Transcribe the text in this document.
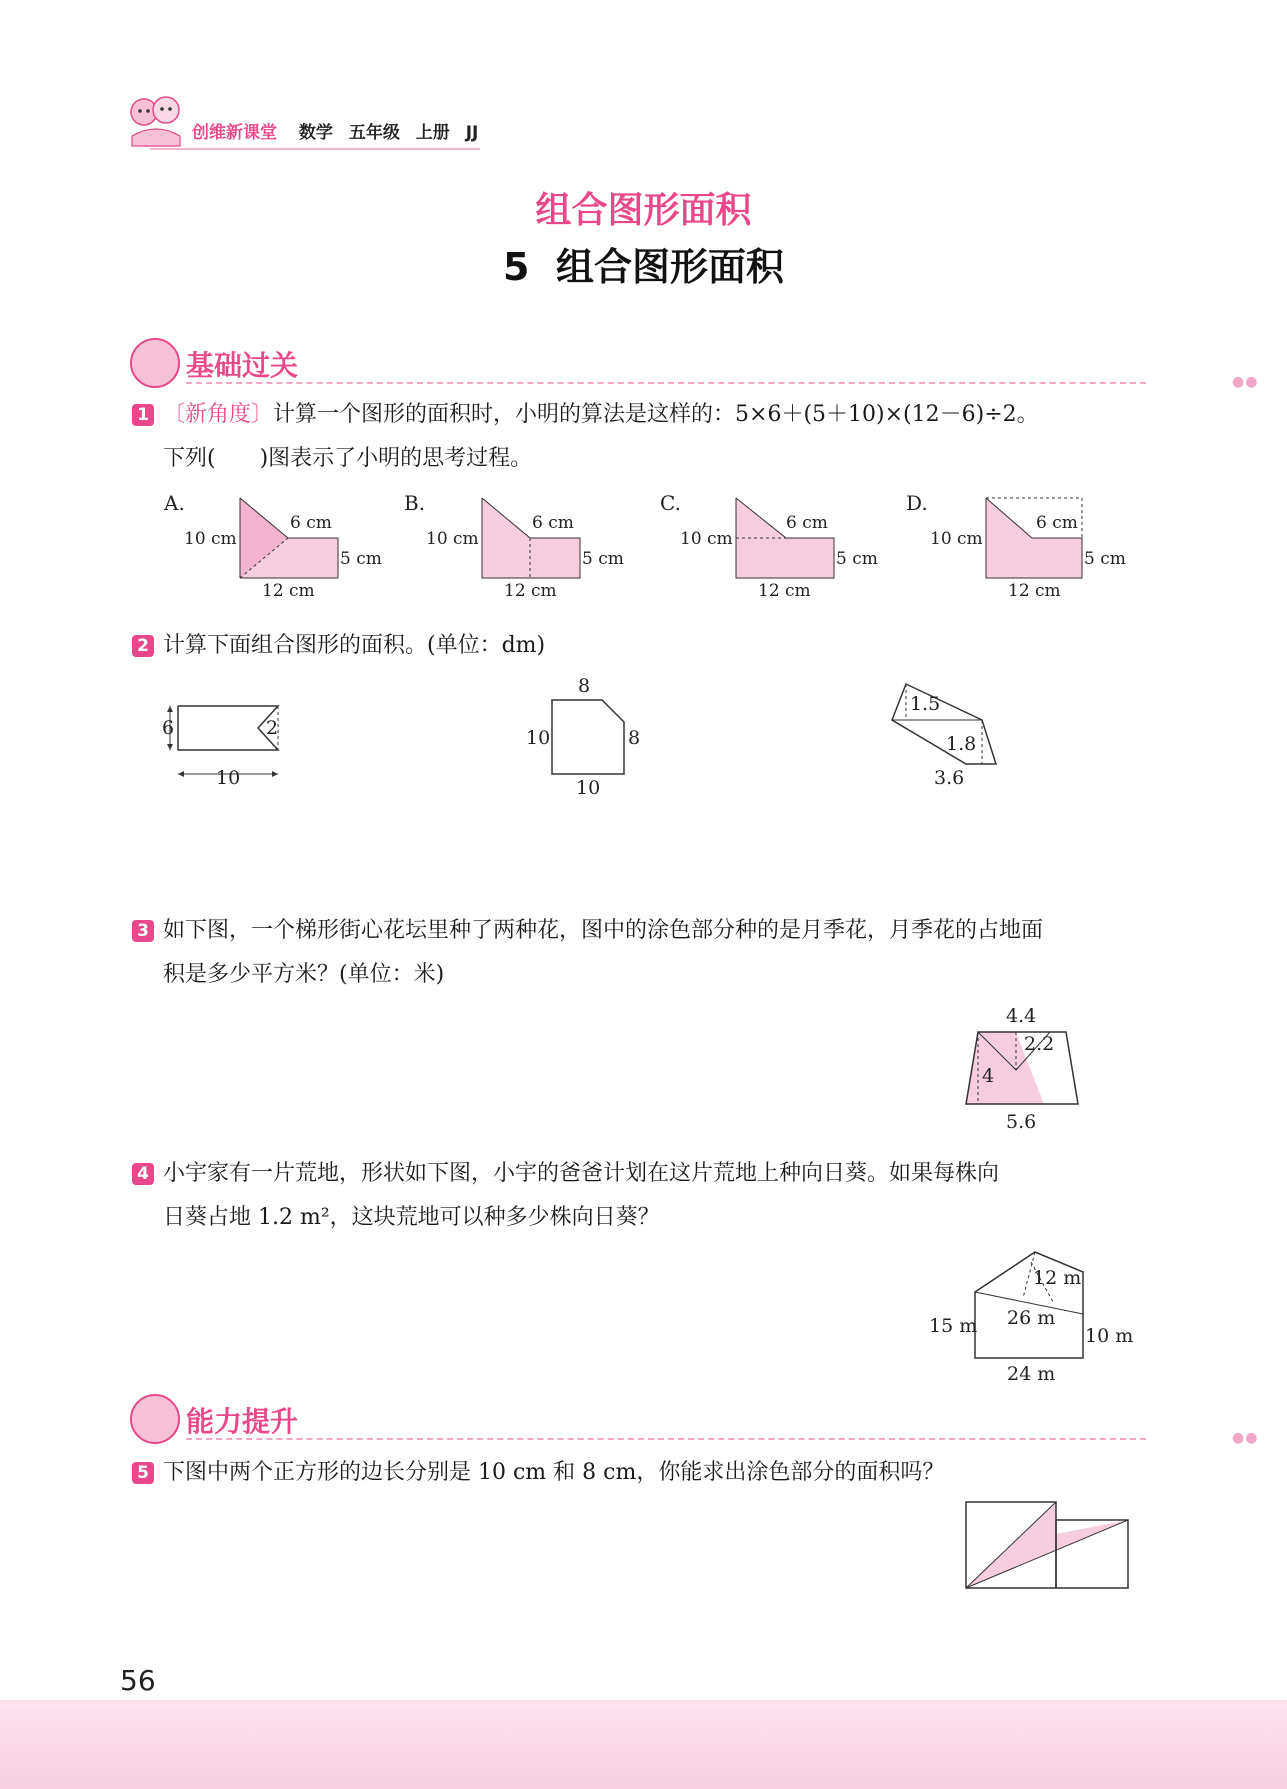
创维新课堂 数学 五年级 上册 JJ
组合图形面积
5  组合图形面积
基础过关	●●
1 〔新角度〕计算一个图形的面积时，小明的算法是这样的：5×6＋(5＋10)×(12－6)÷2。
下列(　　)图表示了小明的思考过程。
A.
10 cm
6 cm
5 cm
12 cm
B.
10 cm
6 cm
5 cm
12 cm
C.
10 cm
6 cm
5 cm
12 cm
D.
10 cm
6 cm
5 cm
12 cm
2 计算下面组合图形的面积。(单位：dm)
6	2
10
8
10	8
10
1.5
1.8
3.6
3 如下图，一个梯形街心花坛里种了两种花，图中的涂色部分种的是月季花，月季花的占地面
积是多少平方米？(单位：米)
4.4
2.2
4
5.6
4 小宇家有一片荒地，形状如下图，小宇的爸爸计划在这片荒地上种向日葵。如果每株向
日葵占地 1.2 m²，这块荒地可以种多少株向日葵？
12 m
26 m
15 m	10 m
24 m
能力提升	●●
5 下图中两个正方形的边长分别是 10 cm 和 8 cm，你能求出涂色部分的面积吗？
56
